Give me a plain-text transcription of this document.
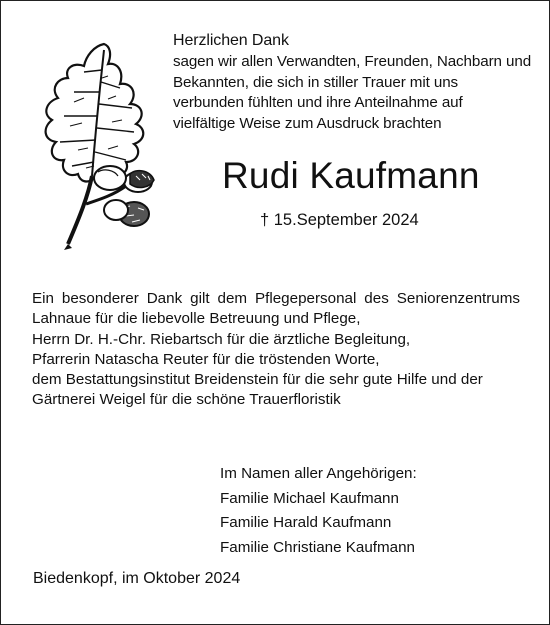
Herzlichen Dank
sagen wir allen Verwandten, Freunden, Nachbarn und
Bekannten, die sich in stiller Trauer mit uns
verbunden fühlten und ihre Anteilnahme auf
vielfältige Weise zum Ausdruck brachten
Rudi Kaufmann
† 15.September 2024
Ein besonderer Dank gilt dem Pflegepersonal des Seniorenzentrums
Lahnaue für die liebevolle Betreuung und Pflege,
Herrn Dr. H.-Chr. Riebartsch für die ärztliche Begleitung,
Pfarrerin Natascha Reuter für die tröstenden Worte,
dem Bestattungsinstitut Breidenstein für die sehr gute Hilfe und der
Gärtnerei Weigel für die schöne Trauerfloristik
Im Namen aller Angehörigen:
Familie Michael Kaufmann
Familie Harald Kaufmann
Familie Christiane Kaufmann
Biedenkopf, im Oktober 2024
